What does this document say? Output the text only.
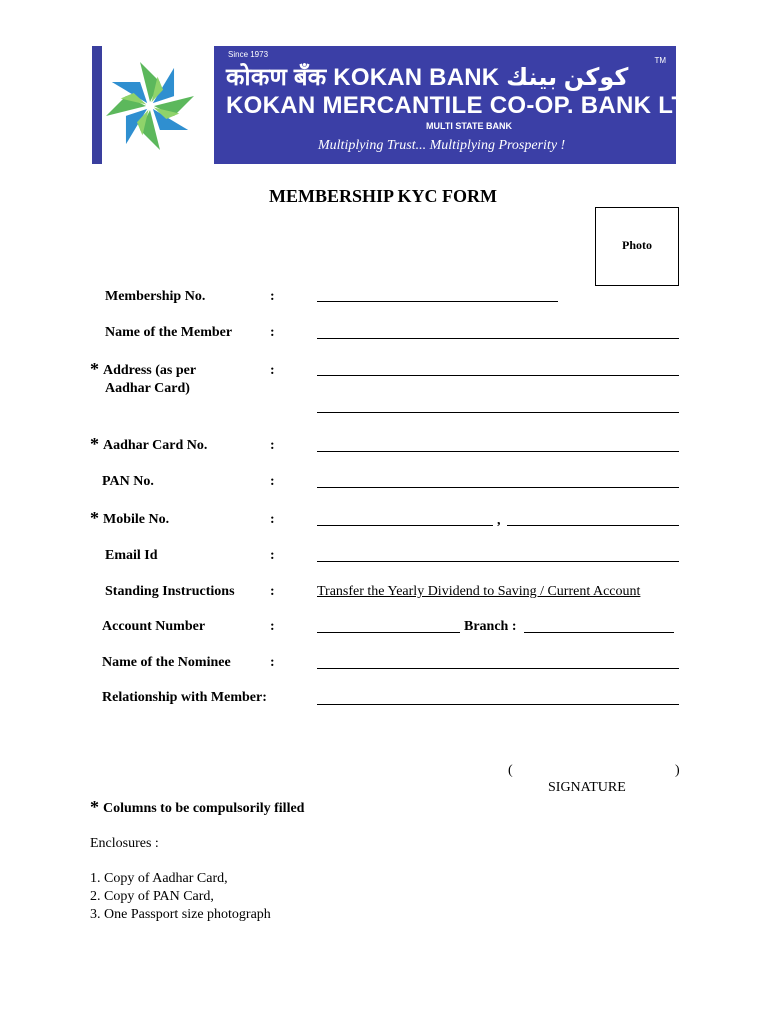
Since 1973
TM
कोकण बँक KOKAN BANK كوكن بينك
KOKAN MERCANTILE CO-OP. BANK LTD.
MULTI STATE BANK
Multiplying Trust... Multiplying Prosperity !
MEMBERSHIP KYC FORM
Photo
Membership No.	:
Name of the Member	:
* Address (as per
Aadhar Card)
:
* Aadhar Card No.	:
PAN No.	:
* Mobile No.	:	,
Email Id	:
Standing Instructions	:	Transfer the Yearly Dividend to Saving / Current Account
Account Number	:	Branch :
Name of the Nominee	:
Relationship with Member:
(	)
SIGNATURE
* Columns to be compulsorily filled
Enclosures :
1. Copy of Aadhar Card,
2. Copy of PAN Card,
3. One Passport size photograph
